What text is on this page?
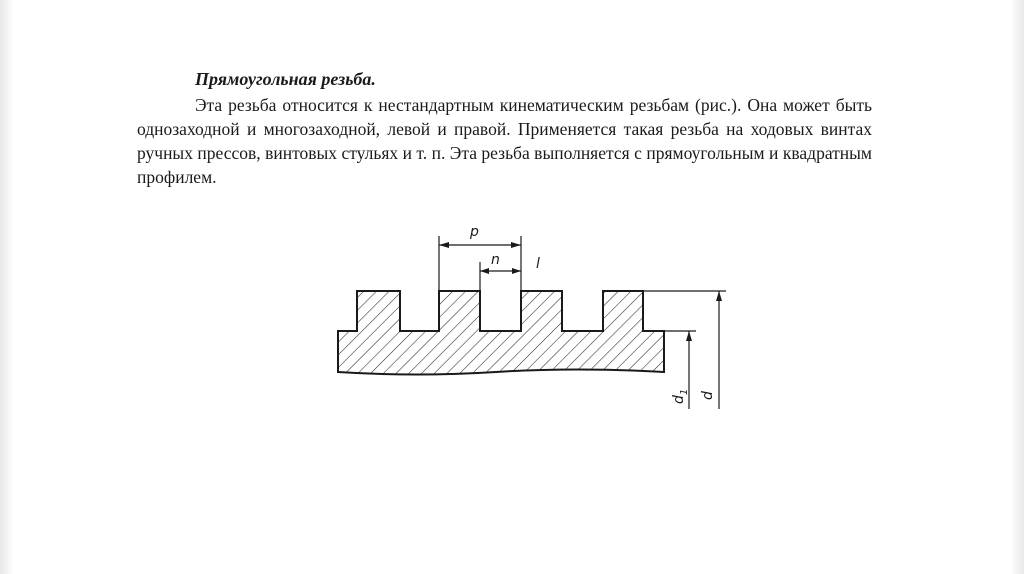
Прямоугольная резьба.

Эта резьба относится к нестандартным кинематическим резьбам (рис.). Она может быть однозаходной и многозаходной, левой и правой. Применяется такая резьба на ходовых винтах ручных прессов, винтовых стульях и т. п. Эта резьба выполняется с прямоугольным и квадратным профилем.

p
n	l
d
$d_1$
